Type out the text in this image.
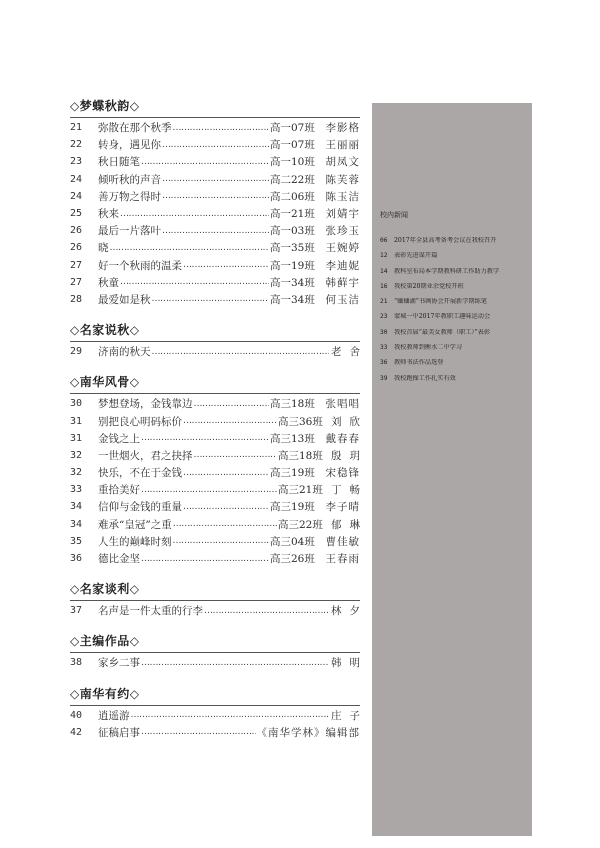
◇梦蝶秋韵◇
21	弥散在那个秋季 …………………………………………………………………………………………………………	高一07班	李影格
22	转身，遇见你 …………………………………………………………………………………………………………	高一07班	王丽丽
23	秋日随笔 …………………………………………………………………………………………………………	高一10班	胡凤文
24	倾听秋的声音 …………………………………………………………………………………………………………	高二22班	陈芙蓉
24	善万物之得时 …………………………………………………………………………………………………………	高二06班	陈玉洁
25	秋来 …………………………………………………………………………………………………………	高一21班	刘婧宇
26	最后一片落叶 …………………………………………………………………………………………………………	高一03班	张珍玉
26	晓 …………………………………………………………………………………………………………	高一35班	王婉婷
27	好一个秋雨的温柔 …………………………………………………………………………………………………………	高一19班	李迪妮
27	秋童 …………………………………………………………………………………………………………	高一34班	韩藓宇
28	最爱如是秋 …………………………………………………………………………………………………………	高一34班	何玉洁
◇名家说秋◇
29	济南的秋天 …………………………………………………………………………………………………………	老舍
◇南华风骨◇
30	梦想登场，金钱靠边 …………………………………………………………………………………………………………	高三18班	张唱唱
31	别把良心明码标价 …………………………………………………………………………………………………………	高三36班 刘欣
31	金钱之上 …………………………………………………………………………………………………………	高三13班	戴春春
32	一世烟火，君之抉择 …………………………………………………………………………………………………………	高三18班 殷玥
32	快乐，不在于金钱 …………………………………………………………………………………………………………	高三19班	宋稳锋
33	重拾美好 …………………………………………………………………………………………………………	高三21班 丁畅
34	信仰与金钱的重量 …………………………………………………………………………………………………………	高三19班	李子晴
34	难承“皇冠”之重 …………………………………………………………………………………………………………	高三22班 郁琳
35	人生的巅峰时刻 …………………………………………………………………………………………………………	高三04班	曹佳敏
36	德比金坚 …………………………………………………………………………………………………………	高三26班	王春雨
◇名家谈利◇
37	名声是一件太重的行李 …………………………………………………………………………………………………………	林夕
◇主编作品◇
38	家乡二事 …………………………………………………………………………………………………………	韩明
◇南华有约◇
40	逍遥游 …………………………………………………………………………………………………………	庄子
42	征稿启事 …………………………………………………………………………………………………………	《南华学林》编辑部
校内新闻
06	2017年全县高考备考会议在我校召开
12	表彰先进谋开篇
14	教科室布局本学期教科研工作助力教学
16	我校第20期业余党校开班
21	“蛐蛐湖”书画协会开展新学期练笔
23	蒙城一中2017年教职工趣味运动会
30	我校首届“最美女教师（职工）”表彰
33	我校教师到衡水二中学习
36	教师书法作品选登
39	我校跑操工作扎实有效
